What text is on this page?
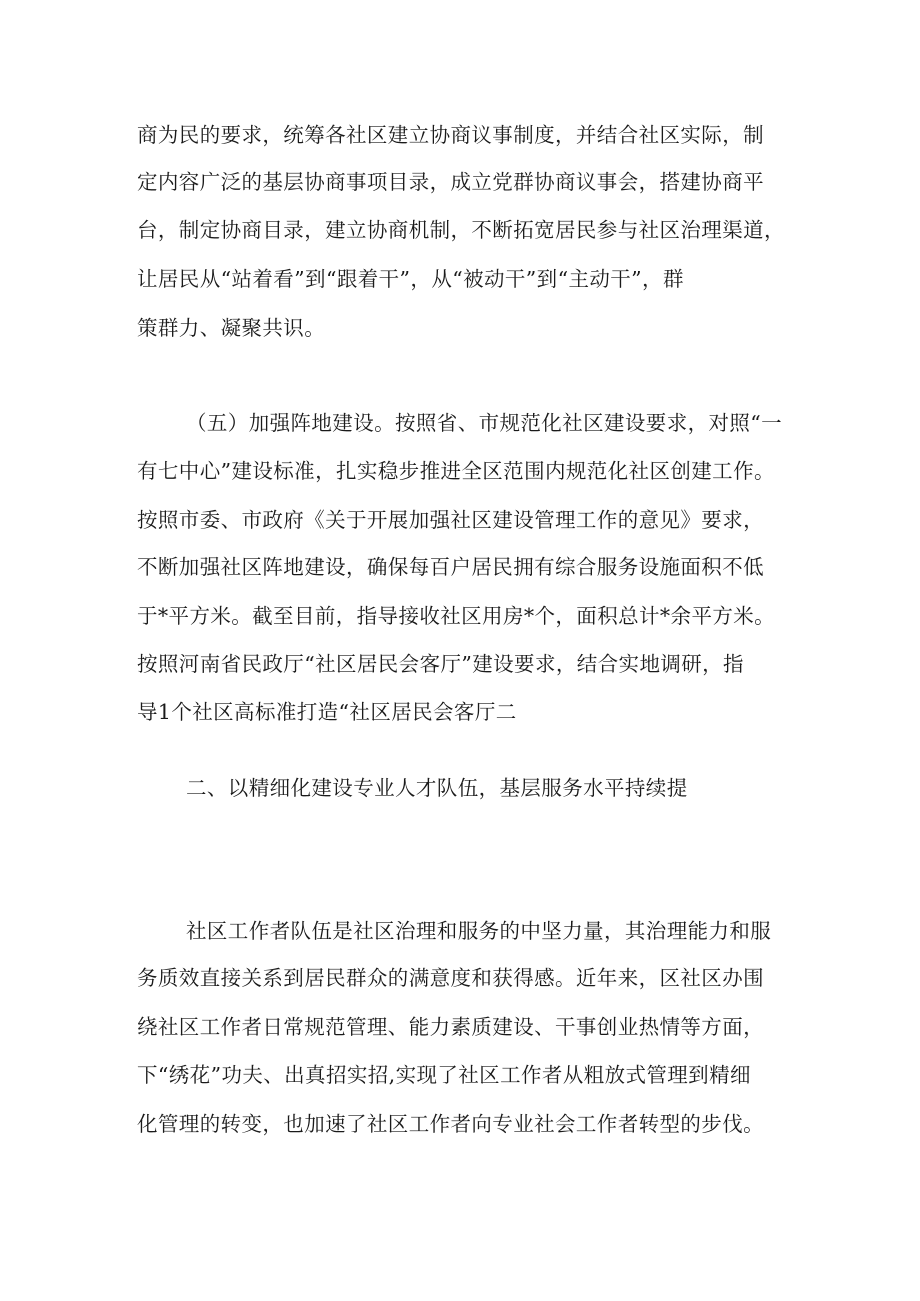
商为民的要求，统筹各社区建立协商议事制度，并结合社区实际，制
定内容广泛的基层协商事项目录，成立党群协商议事会，搭建协商平
台，制定协商目录，建立协商机制，不断拓宽居民参与社区治理渠道，
让居民从“站着看”到“跟着干”，从“被动干”到“主动干”，群
策群力、凝聚共识。
（五）加强阵地建设。按照省、市规范化社区建设要求，对照“一
有七中心”建设标准，扎实稳步推进全区范围内规范化社区创建工作。
按照市委、市政府《关于开展加强社区建设管理工作的意见》要求，
不断加强社区阵地建设，确保每百户居民拥有综合服务设施面积不低
于*平方米。截至目前，指导接收社区用房*个，面积总计*余平方米。
按照河南省民政厅“社区居民会客厅”建设要求，结合实地调研，指
导1个社区高标准打造“社区居民会客厅二
二、以精细化建设专业人才队伍，基层服务水平持续提
社区工作者队伍是社区治理和服务的中坚力量，其治理能力和服
务质效直接关系到居民群众的满意度和获得感。近年来，区社区办围
绕社区工作者日常规范管理、能力素质建设、干事创业热情等方面，
下“绣花”功夫、出真招实招,实现了社区工作者从粗放式管理到精细
化管理的转变，也加速了社区工作者向专业社会工作者转型的步伐。
